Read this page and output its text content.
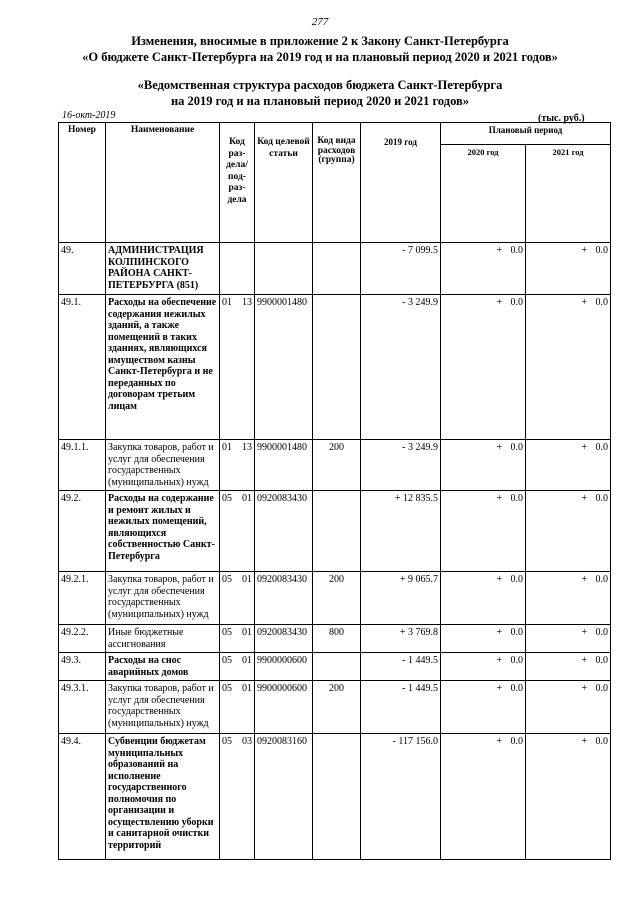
277
Изменения, вносимые в приложение 2 к Закону Санкт-Петербурга
«О бюджете Санкт-Петербурга на 2019 год и на плановый период 2020 и 2021 годов»
«Ведомственная структура расходов бюджета Санкт-Петербурга
на 2019 год и на плановый период 2020 и 2021 годов»
16-окт-2019	(тыс. руб.)
Номер	Наименование	Код раз-дела/ под-раз-дела	Код целевой статьи	Код вида расходов (группа)	2019 год	Плановый период	
						2020 год	2021 год
49.	АДМИНИСТРАЦИЯ КОЛПИНСКОГО РАЙОНА САНКТ-ПЕТЕРБУРГА (851)				- 7 099.5	+ 0.0	+ 0.0
49.1.	Расходы на обеспечение содержания нежилых зданий, а также помещений в таких зданиях, являющихся имуществом казны Санкт-Петербурга и не переданных по договорам третьим лицам	01 13	9900001480		- 3 249.9	+ 0.0	+ 0.0
49.1.1.	Закупка товаров, работ и услуг для обеспечения государственных (муниципальных) нужд	01 13	9900001480	200	- 3 249.9	+ 0.0	+ 0.0
49.2.	Расходы на содержание и ремонт жилых и нежилых помещений, являющихся собственностью Санкт-Петербурга	05 01	0920083430		+ 12 835.5	+ 0.0	+ 0.0
49.2.1.	Закупка товаров, работ и услуг для обеспечения государственных (муниципальных) нужд	05 01	0920083430	200	+ 9 065.7	+ 0.0	+ 0.0
49.2.2.	Иные бюджетные ассигнования	05 01	0920083430	800	+ 3 769.8	+ 0.0	+ 0.0
49.3.	Расходы на снос аварийных домов	05 01	9900000600		- 1 449.5	+ 0.0	+ 0.0
49.3.1.	Закупка товаров, работ и услуг для обеспечения государственных (муниципальных) нужд	05 01	9900000600	200	- 1 449.5	+ 0.0	+ 0.0
49.4.	Субвенции бюджетам муниципальных образований на исполнение государственного полномочия по организации и осуществлению уборки и санитарной очистки территорий	05 03	0920083160		- 117 156.0	+ 0.0	+ 0.0
